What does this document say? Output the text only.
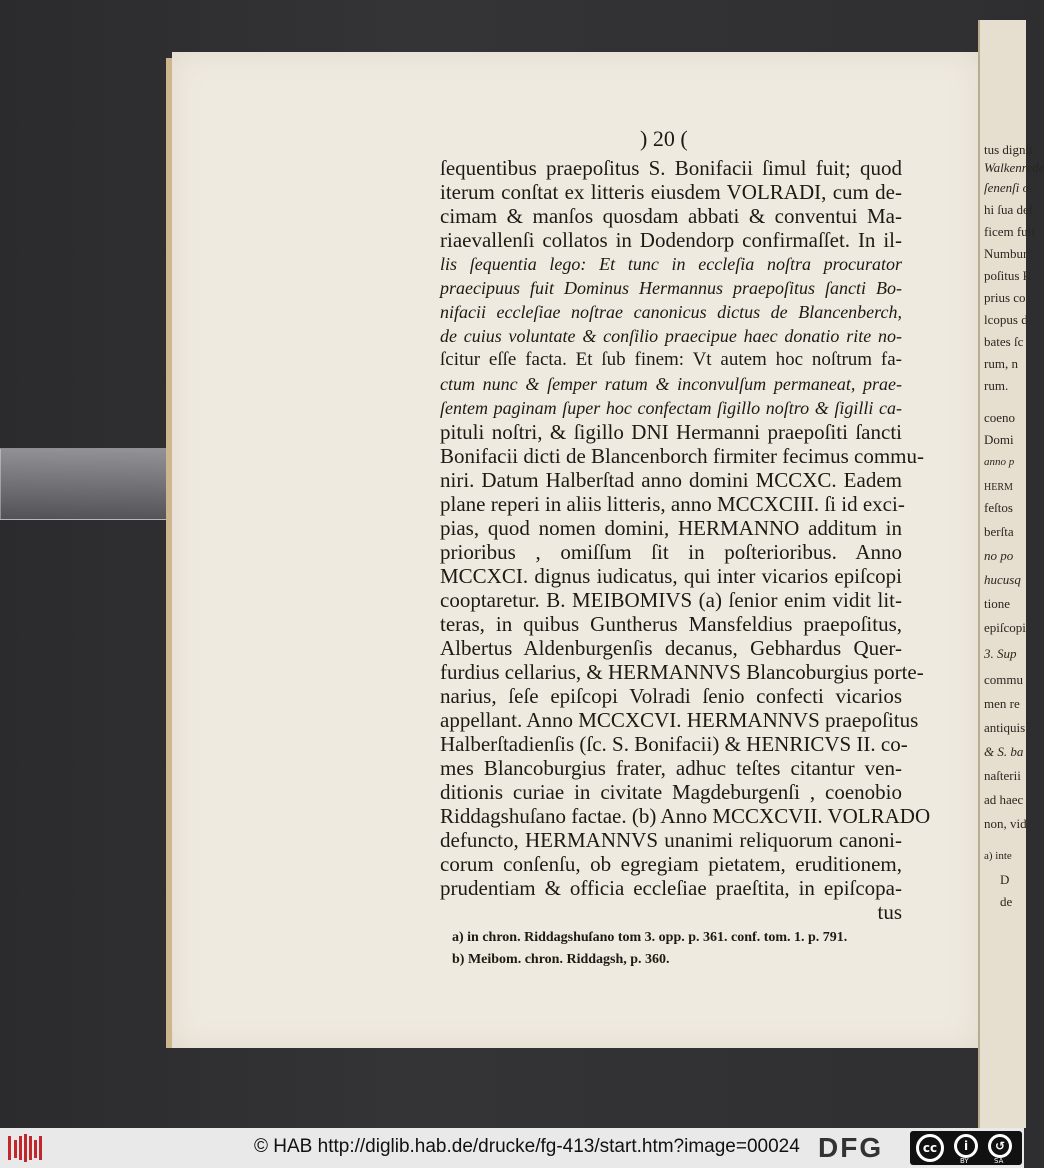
) 20 (
ſequentibus praepoſitus S. Bonifacii ſimul fuit; quod
iterum conſtat ex litteris eiusdem VOLRADI, cum de-
cimam & manſos quosdam abbati & conventui Ma-
riaevallenſi collatos in Dodendorp confirmaſſet. In il-
lis ſequentia lego: Et tunc in eccleſia noſtra procurator
praecipuus fuit Dominus Hermannus praepoſitus ſancti Bo-
nifacii eccleſiae noſtrae canonicus dictus de Blancenberch,
de cuius voluntate & conſilio praecipue haec donatio rite no-
ſcitur eſſe facta. Et ſub finem: Vt autem hoc noſtrum fa-
ctum nunc & ſemper ratum & inconvulſum permaneat, prae-
ſentem paginam ſuper hoc confectam ſigillo noſtro & ſigilli ca-
pituli noſtri, & ſigillo DNI Hermanni praepoſiti ſancti
Bonifacii dicti de Blancenborch firmiter fecimus commu-
niri. Datum Halberſtad anno domini MCCXC. Eadem
plane reperi in aliis litteris, anno MCCXCIII. ſi id exci-
pias, quod nomen domini, HERMANNO additum in
prioribus , omiſſum ſit in poſterioribus. Anno
MCCXCI. dignus iudicatus, qui inter vicarios epiſcopi
cooptaretur. B. MEIBOMIVS (a) ſenior enim vidit lit-
teras, in quibus Guntherus Mansfeldius praepoſitus,
Albertus Aldenburgenſis decanus, Gebhardus Quer-
furdius cellarius, & HERMANNVS Blancoburgius porte-
narius, ſeſe epiſcopi Volradi ſenio confecti vicarios
appellant. Anno MCCXCVI. HERMANNVS praepoſitus
Halberſtadienſis (ſc. S. Bonifacii) & HENRICVS II. co-
mes Blancoburgius frater, adhuc teſtes citantur ven-
ditionis curiae in civitate Magdeburgenſi , coenobio
Riddagshuſano factae. (b) Anno MCCXCVII. VOLRADO
defuncto, HERMANNVS unanimi reliquorum canoni-
corum conſenſu, ob egregiam pietatem, eruditionem,
prudentiam & officia eccleſiae praeſtita, in epiſcopa-
tus
a) in chron. Riddagshuſano tom 3. opp. p. 361. conf. tom. 1. p. 791.
b) Meibom. chron. Riddagsh, p. 360.
tus dignit
Walkenrede
ſenenſi o.
hi ſua def
ficem fuit
Numbur
poſitus R
prius co
lcopus d
bates ſc
rum, n
rum.
coeno
Domi
anno p
HERM
feſtos
berſta
no po
hucusq
tione
epiſcopi
3. Sup
commu
men re
antiquis
& S. ba
naſterii
ad haec
non, vid
a) inte
D
de
© HAB http://diglib.hab.de/drucke/fg-413/start.htm?image=00024 DFG	cc	i	↺
BY	SA
